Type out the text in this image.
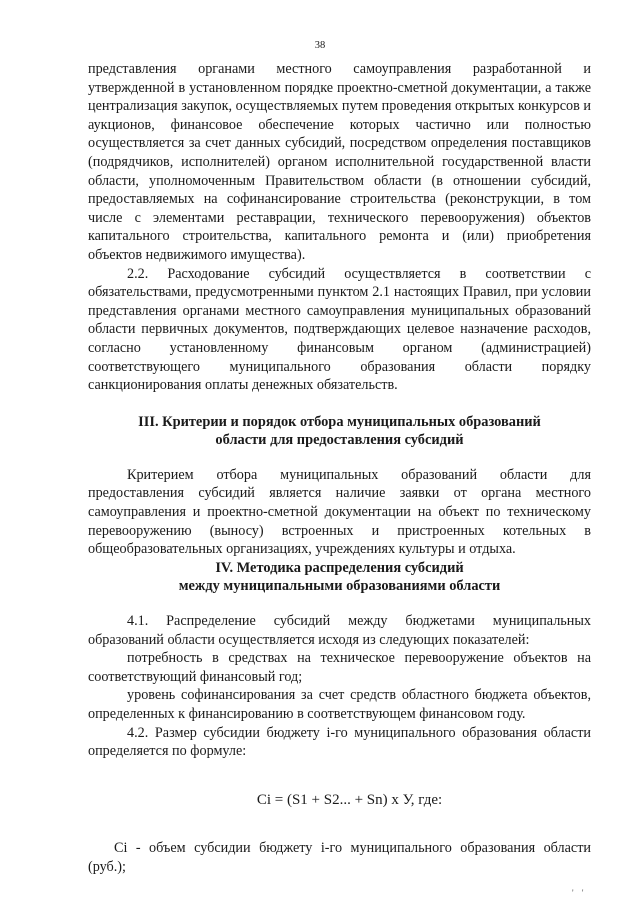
38

представления органами местного самоуправления разработанной и утвержденной в установленном порядке проектно-сметной документации, а также централизация закупок, осуществляемых путем проведения открытых конкурсов и аукционов, финансовое обеспечение которых частично или полностью осуществляется за счет данных субсидий, посредством определения поставщиков (подрядчиков, исполнителей) органом исполнительной государственной власти области, уполномоченным Правительством области (в отношении субсидий, предоставляемых на софинансирование строительства (реконструкции, в том числе с элементами реставрации, технического перевооружения) объектов капитального строительства, капитального ремонта и (или) приобретения объектов недвижимого имущества).

2.2. Расходование субсидий осуществляется в соответствии с обязательствами, предусмотренными пунктом 2.1 настоящих Правил, при условии представления органами местного самоуправления муниципальных образований области первичных документов, подтверждающих целевое назначение расходов, согласно установленному финансовым органом (администрацией) соответствующего муниципального образования области порядку санкционирования оплаты денежных обязательств.

III. Критерии и порядок отбора муниципальных образований
области для предоставления субсидий

Критерием отбора муниципальных образований области для предоставления субсидий является наличие заявки от органа местного самоуправления и проектно-сметной документации на объект по техническому перевооружению (выносу) встроенных и пристроенных котельных в общеобразовательных организациях, учреждениях культуры и отдыха.

IV. Методика распределения субсидий
между муниципальными образованиями области

4.1. Распределение субсидий между бюджетами муниципальных образований области осуществляется исходя из следующих показателей:

потребность в средствах на техническое перевооружение объектов на соответствующий финансовый год;

уровень софинансирования за счет средств областного бюджета объектов, определенных к финансированию в соответствующем финансовом году.

4.2. Размер субсидии бюджету i-го муниципального образования области определяется по формуле:

Ci = (S1 + S2... + Sn) х У, где:

Ci - объем субсидии бюджету i-го муниципального образования области (руб.);

' '
